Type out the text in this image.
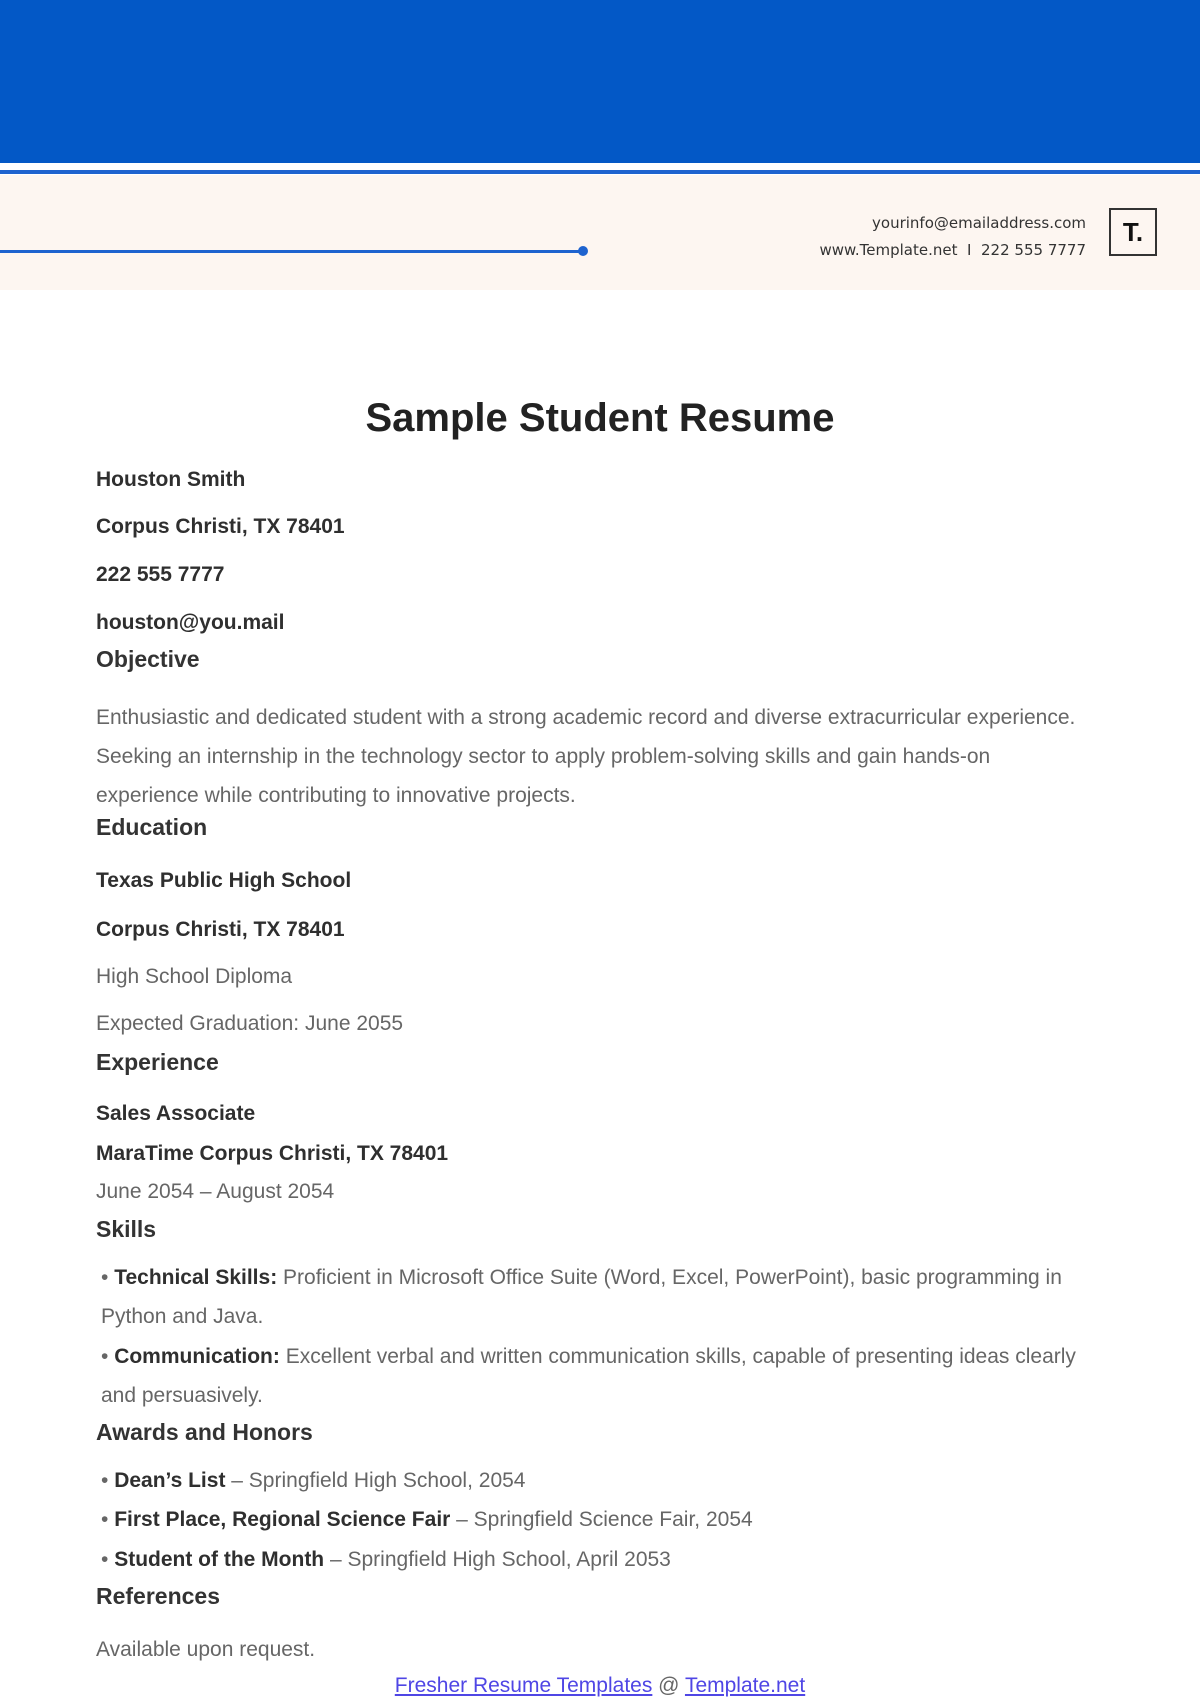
yourinfo@emailaddress.com
www.Template.net I 222 555 7777
T.
Sample Student Resume
Houston Smith
Corpus Christi, TX 78401
222 555 7777
houston@you.mail
Objective
Enthusiastic and dedicated student with a strong academic record and diverse extracurricular experience. Seeking an internship in the technology sector to apply problem-solving skills and gain hands-on experience while contributing to innovative projects.
Education
Texas Public High School
Corpus Christi, TX 78401
High School Diploma
Expected Graduation: June 2055
Experience
Sales Associate
MaraTime Corpus Christi, TX 78401
June 2054 – August 2054
Skills
• Technical Skills: Proficient in Microsoft Office Suite (Word, Excel, PowerPoint), basic programming in Python and Java.
• Communication: Excellent verbal and written communication skills, capable of presenting ideas clearly and persuasively.
Awards and Honors
• Dean’s List – Springfield High School, 2054
• First Place, Regional Science Fair – Springfield Science Fair, 2054
• Student of the Month – Springfield High School, April 2053
References
Available upon request.
Fresher Resume Templates @ Template.net
